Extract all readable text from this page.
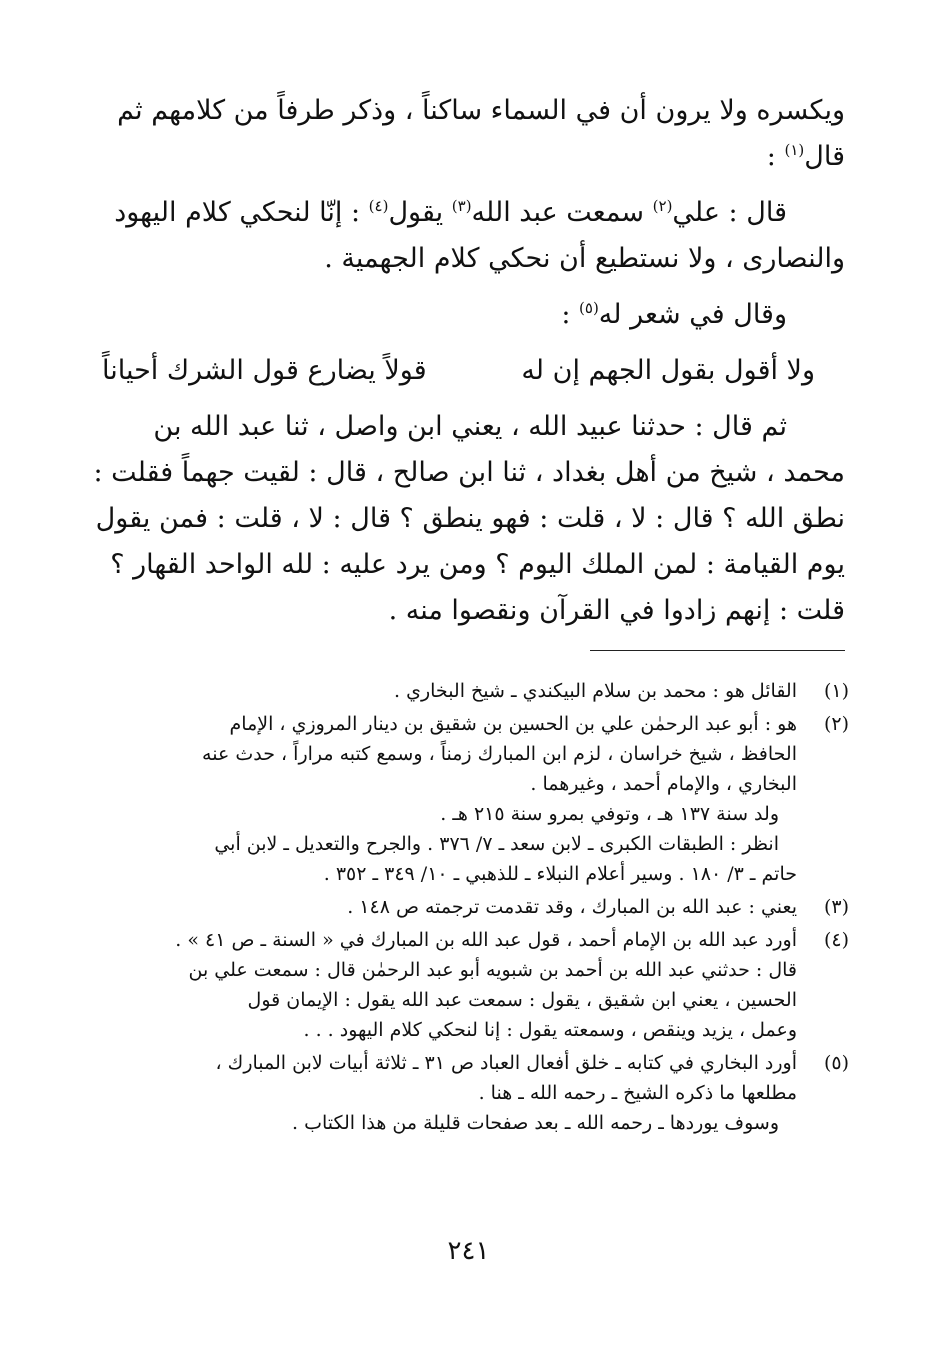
ويكسره ولا يرون أن في السماء ساكناً ، وذكر طرفاً من كلامهم ثم

قال$^{(١)}$ :

قال : علي$^{(٢)}$ سمعت عبد الله$^{(٣)}$ يقول$^{(٤)}$ : إنّا لنحكي كلام اليهود

والنصارى ، ولا نستطيع أن نحكي كلام الجهمية .

وقال في شعر له$^{(٥)}$ :

ولا أقول بقول الجهم إن له
قولاً يضارع قول الشرك أحياناً

ثم قال : حدثنا عبيد الله ، يعني ابن واصل ، ثنا عبد الله بن

محمد ، شيخ من أهل بغداد ، ثنا ابن صالح ، قال : لقيت جهماً فقلت :

نطق الله ؟ قال : لا ، قلت : فهو ينطق ؟ قال : لا ، قلت : فمن يقول

يوم القيامة : لمن الملك اليوم ؟ ومن يرد عليه : لله الواحد القهار ؟

قلت : إنهم زادوا في القرآن ونقصوا منه .

(١)

القائل هو : محمد بن سلام البيكندي ـ شيخ البخاري .

(٢)

هو : أبو عبد الرحمٰن علي بن الحسين بن شقيق بن دينار المروزي ، الإمام

الحافظ ، شيخ خراسان ، لزم ابن المبارك زمناً ، وسمع كتبه مراراً ، حدث عنه

البخاري ، والإمام أحمد ، وغيرهما .

ولد سنة ١٣٧ هـ ، وتوفي بمرو سنة ٢١٥ هـ .

انظر : الطبقات الكبرى ـ لابن سعد ـ ٧/ ٣٧٦ . والجرح والتعديل ـ لابن أبي

حاتم ـ ٣/ ١٨٠ . وسير أعلام النبلاء ـ للذهبي ـ ١٠/ ٣٤٩ ـ ٣٥٢ .

(٣)

يعني : عبد الله بن المبارك ، وقد تقدمت ترجمته ص ١٤٨ .

(٤)

أورد عبد الله بن الإمام أحمد ، قول عبد الله بن المبارك في « السنة ـ ص ٤١ » .

قال : حدثني عبد الله بن أحمد بن شبويه أبو عبد الرحمٰن قال : سمعت علي بن

الحسين ، يعني ابن شقيق ، يقول : سمعت عبد الله يقول : الإيمان قول

وعمل ، يزيد وينقص ، وسمعته يقول : إنا لنحكي كلام اليهود . . .

(٥)

أورد البخاري في كتابه ـ خلق أفعال العباد ص ٣١ ـ ثلاثة أبيات لابن المبارك ،

مطلعها ما ذكره الشيخ ـ رحمه الله ـ هنا .

وسوف يوردها ـ رحمه الله ـ بعد صفحات قليلة من هذا الكتاب .

٢٤١
